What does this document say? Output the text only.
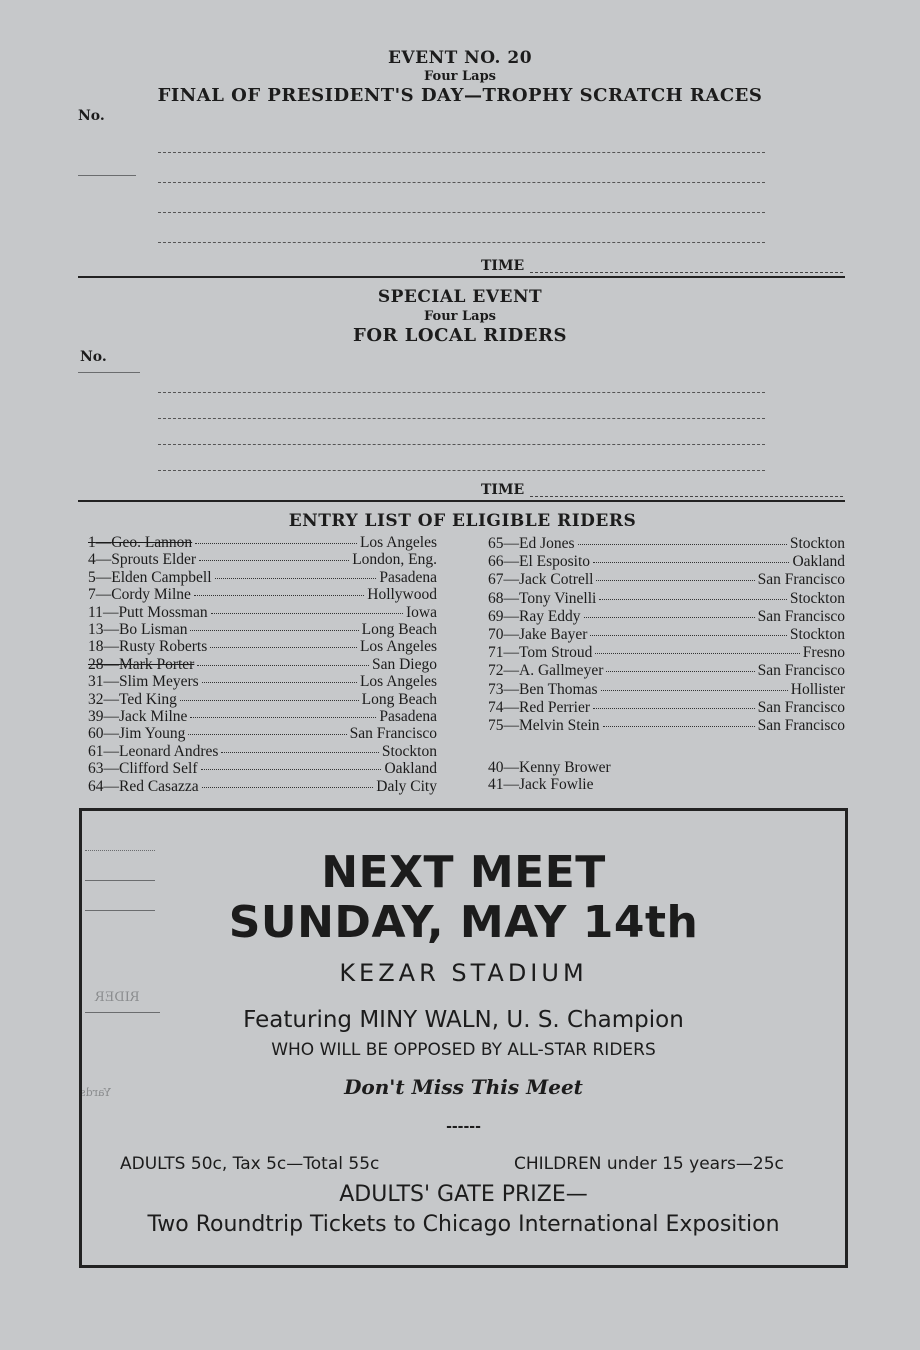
EVENT NO. 20
Four Laps
FINAL OF PRESIDENT'S DAY—TROPHY SCRATCH RACES
No.
TIME
SPECIAL EVENT
Four Laps
FOR LOCAL RIDERS
No.
TIME
ENTRY LIST OF ELIGIBLE RIDERS
1—Geo. Lannon	Los Angeles
4—Sprouts Elder	London, Eng.
5—Elden Campbell	Pasadena
7—Cordy Milne	Hollywood
11—Putt Mossman	Iowa
13—Bo Lisman	Long Beach
18—Rusty Roberts	Los Angeles
28—Mark Porter	San Diego
31—Slim Meyers	Los Angeles
32—Ted King	Long Beach
39—Jack Milne	Pasadena
60—Jim Young	San Francisco
61—Leonard Andres	Stockton
63—Clifford Self	Oakland
64—Red Casazza	Daly City
65—Ed Jones	Stockton
66—El Esposito	Oakland
67—Jack Cotrell	San Francisco
68—Tony Vinelli	Stockton
69—Ray Eddy	San Francisco
70—Jake Bayer	Stockton
71—Tom Stroud	Fresno
72—A. Gallmeyer	San Francisco
73—Ben Thomas	Hollister
74—Red Perrier	San Francisco
75—Melvin Stein	San Francisco
40—Kenny Brower
41—Jack Fowlie
RIDER
Yards
NEXT MEET
SUNDAY, MAY 14th
KEZAR STADIUM
Featuring MINY WALN, U. S. Champion
WHO WILL BE OPPOSED BY ALL-STAR RIDERS
Don't Miss This Meet
------
ADULTS 50c, Tax 5c—Total 55c	CHILDREN under 15 years—25c
ADULTS' GATE PRIZE—
Two Roundtrip Tickets to Chicago International Exposition
